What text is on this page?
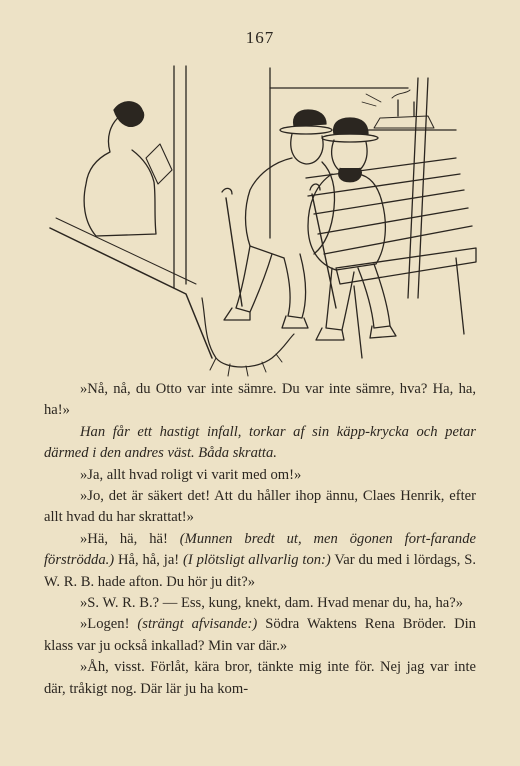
167

»Nå, nå, du Otto var inte sämre. Du var inte sämre, hva? Ha, ha, ha!»

Han får ett hastigt infall, torkar af sin käpp-krycka och petar därmed i den andres väst. Båda skratta.

»Ja, allt hvad roligt vi varit med om!»

»Jo, det är säkert det! Att du håller ihop ännu, Claes Henrik, efter allt hvad du har skrattat!»

»Hä, hä, hä! (Munnen bredt ut, men ögonen fort-farande förströdda.) Hå, hå, ja! (I plötsligt allvarlig ton:) Var du med i lördags, S. W. R. B. hade afton. Du hör ju dit?»

»S. W. R. B.? — Ess, kung, knekt, dam. Hvad menar du, ha, ha?»

»Logen! (strängt afvisande:) Södra Waktens Rena Bröder. Din klass var ju också inkallad? Min var där.»

»Åh, visst. Förlåt, kära bror, tänkte mig inte för. Nej jag var inte där, tråkigt nog. Där lär ju ha kom-
